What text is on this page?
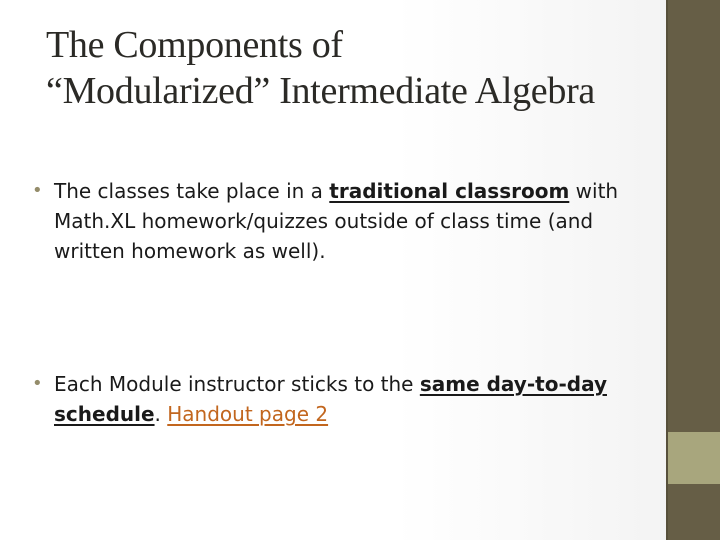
The Components of
“Modularized” Intermediate Algebra
• The classes take place in a traditional classroom with Math.XL homework/quizzes outside of class time (and written homework as well).
• Each Module instructor sticks to the same day-to-day schedule. Handout page 2
